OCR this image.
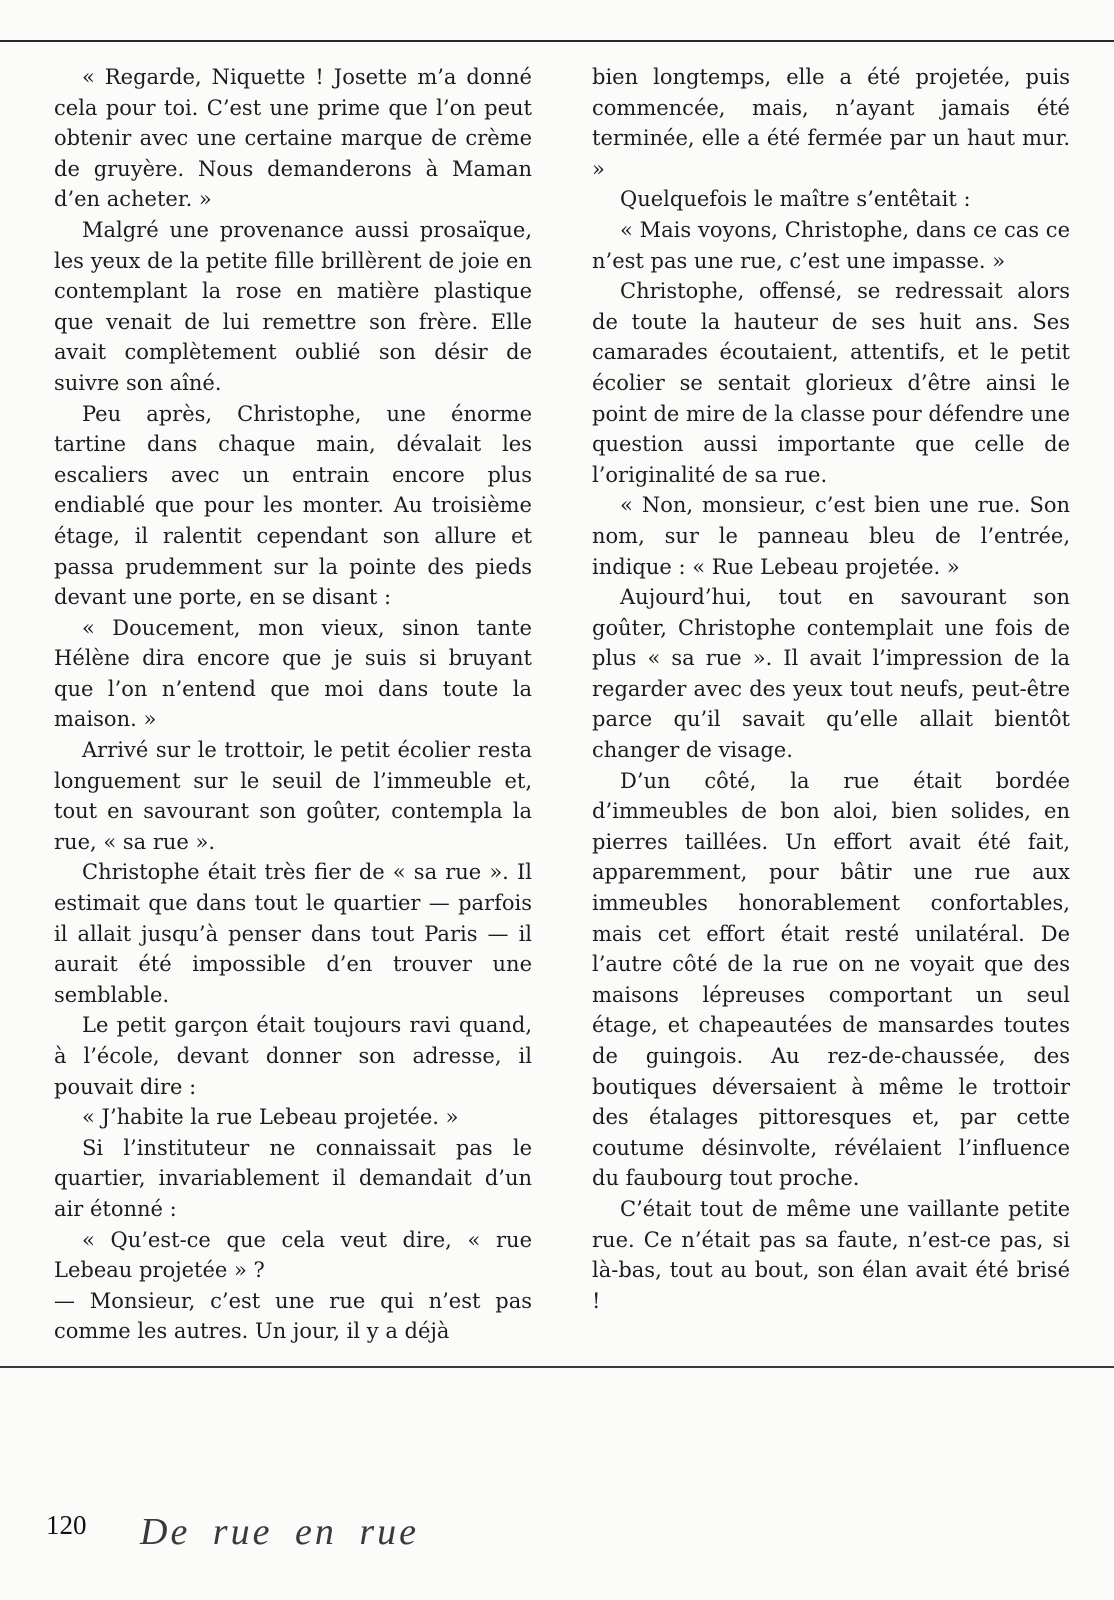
« Regarde, Niquette ! Josette m’a donné cela pour toi. C’est une prime que l’on peut obtenir avec une certaine marque de crème de gruyère. Nous demanderons à Maman d’en acheter. »

Malgré une provenance aussi prosaïque, les yeux de la petite fille brillèrent de joie en contemplant la rose en matière plastique que venait de lui remettre son frère. Elle avait complètement oublié son désir de suivre son aîné.

Peu après, Christophe, une énorme tartine dans chaque main, dévalait les escaliers avec un entrain encore plus endiablé que pour les monter. Au troisième étage, il ralentit cependant son allure et passa prudemment sur la pointe des pieds devant une porte, en se disant :

« Doucement, mon vieux, sinon tante Hélène dira encore que je suis si bruyant que l’on n’entend que moi dans toute la maison. »

Arrivé sur le trottoir, le petit écolier resta longuement sur le seuil de l’immeuble et, tout en savourant son goûter, contempla la rue, « sa rue ».

Christophe était très fier de « sa rue ». Il estimait que dans tout le quartier — parfois il allait jusqu’à penser dans tout Paris — il aurait été impossible d’en trouver une semblable.

Le petit garçon était toujours ravi quand, à l’école, devant donner son adresse, il pouvait dire :

« J’habite la rue Lebeau projetée. »

Si l’instituteur ne connaissait pas le quartier, invariablement il demandait d’un air étonné :

« Qu’est-ce que cela veut dire, « rue Lebeau projetée » ?

— Monsieur, c’est une rue qui n’est pas comme les autres. Un jour, il y a déjà

bien longtemps, elle a été projetée, puis commencée, mais, n’ayant jamais été terminée, elle a été fermée par un haut mur. »

Quelquefois le maître s’entêtait :

« Mais voyons, Christophe, dans ce cas ce n’est pas une rue, c’est une impasse. »

Christophe, offensé, se redressait alors de toute la hauteur de ses huit ans. Ses camarades écoutaient, attentifs, et le petit écolier se sentait glorieux d’être ainsi le point de mire de la classe pour défendre une question aussi importante que celle de l’originalité de sa rue.

« Non, monsieur, c’est bien une rue. Son nom, sur le panneau bleu de l’entrée, indique : « Rue Lebeau projetée. »

Aujourd’hui, tout en savourant son goûter, Christophe contemplait une fois de plus « sa rue ». Il avait l’impression de la regarder avec des yeux tout neufs, peut-être parce qu’il savait qu’elle allait bientôt changer de visage.

D’un côté, la rue était bordée d’immeubles de bon aloi, bien solides, en pierres taillées. Un effort avait été fait, apparemment, pour bâtir une rue aux immeubles honorablement confortables, mais cet effort était resté unilatéral. De l’autre côté de la rue on ne voyait que des maisons lépreuses comportant un seul étage, et chapeautées de mansardes toutes de guingois. Au rez-de-chaussée, des boutiques déversaient à même le trottoir des étalages pittoresques et, par cette coutume désinvolte, révélaient l’influence du faubourg tout proche.

C’était tout de même une vaillante petite rue. Ce n’était pas sa faute, n’est-ce pas, si là-bas, tout au bout, son élan avait été brisé !

120 De rue en rue
